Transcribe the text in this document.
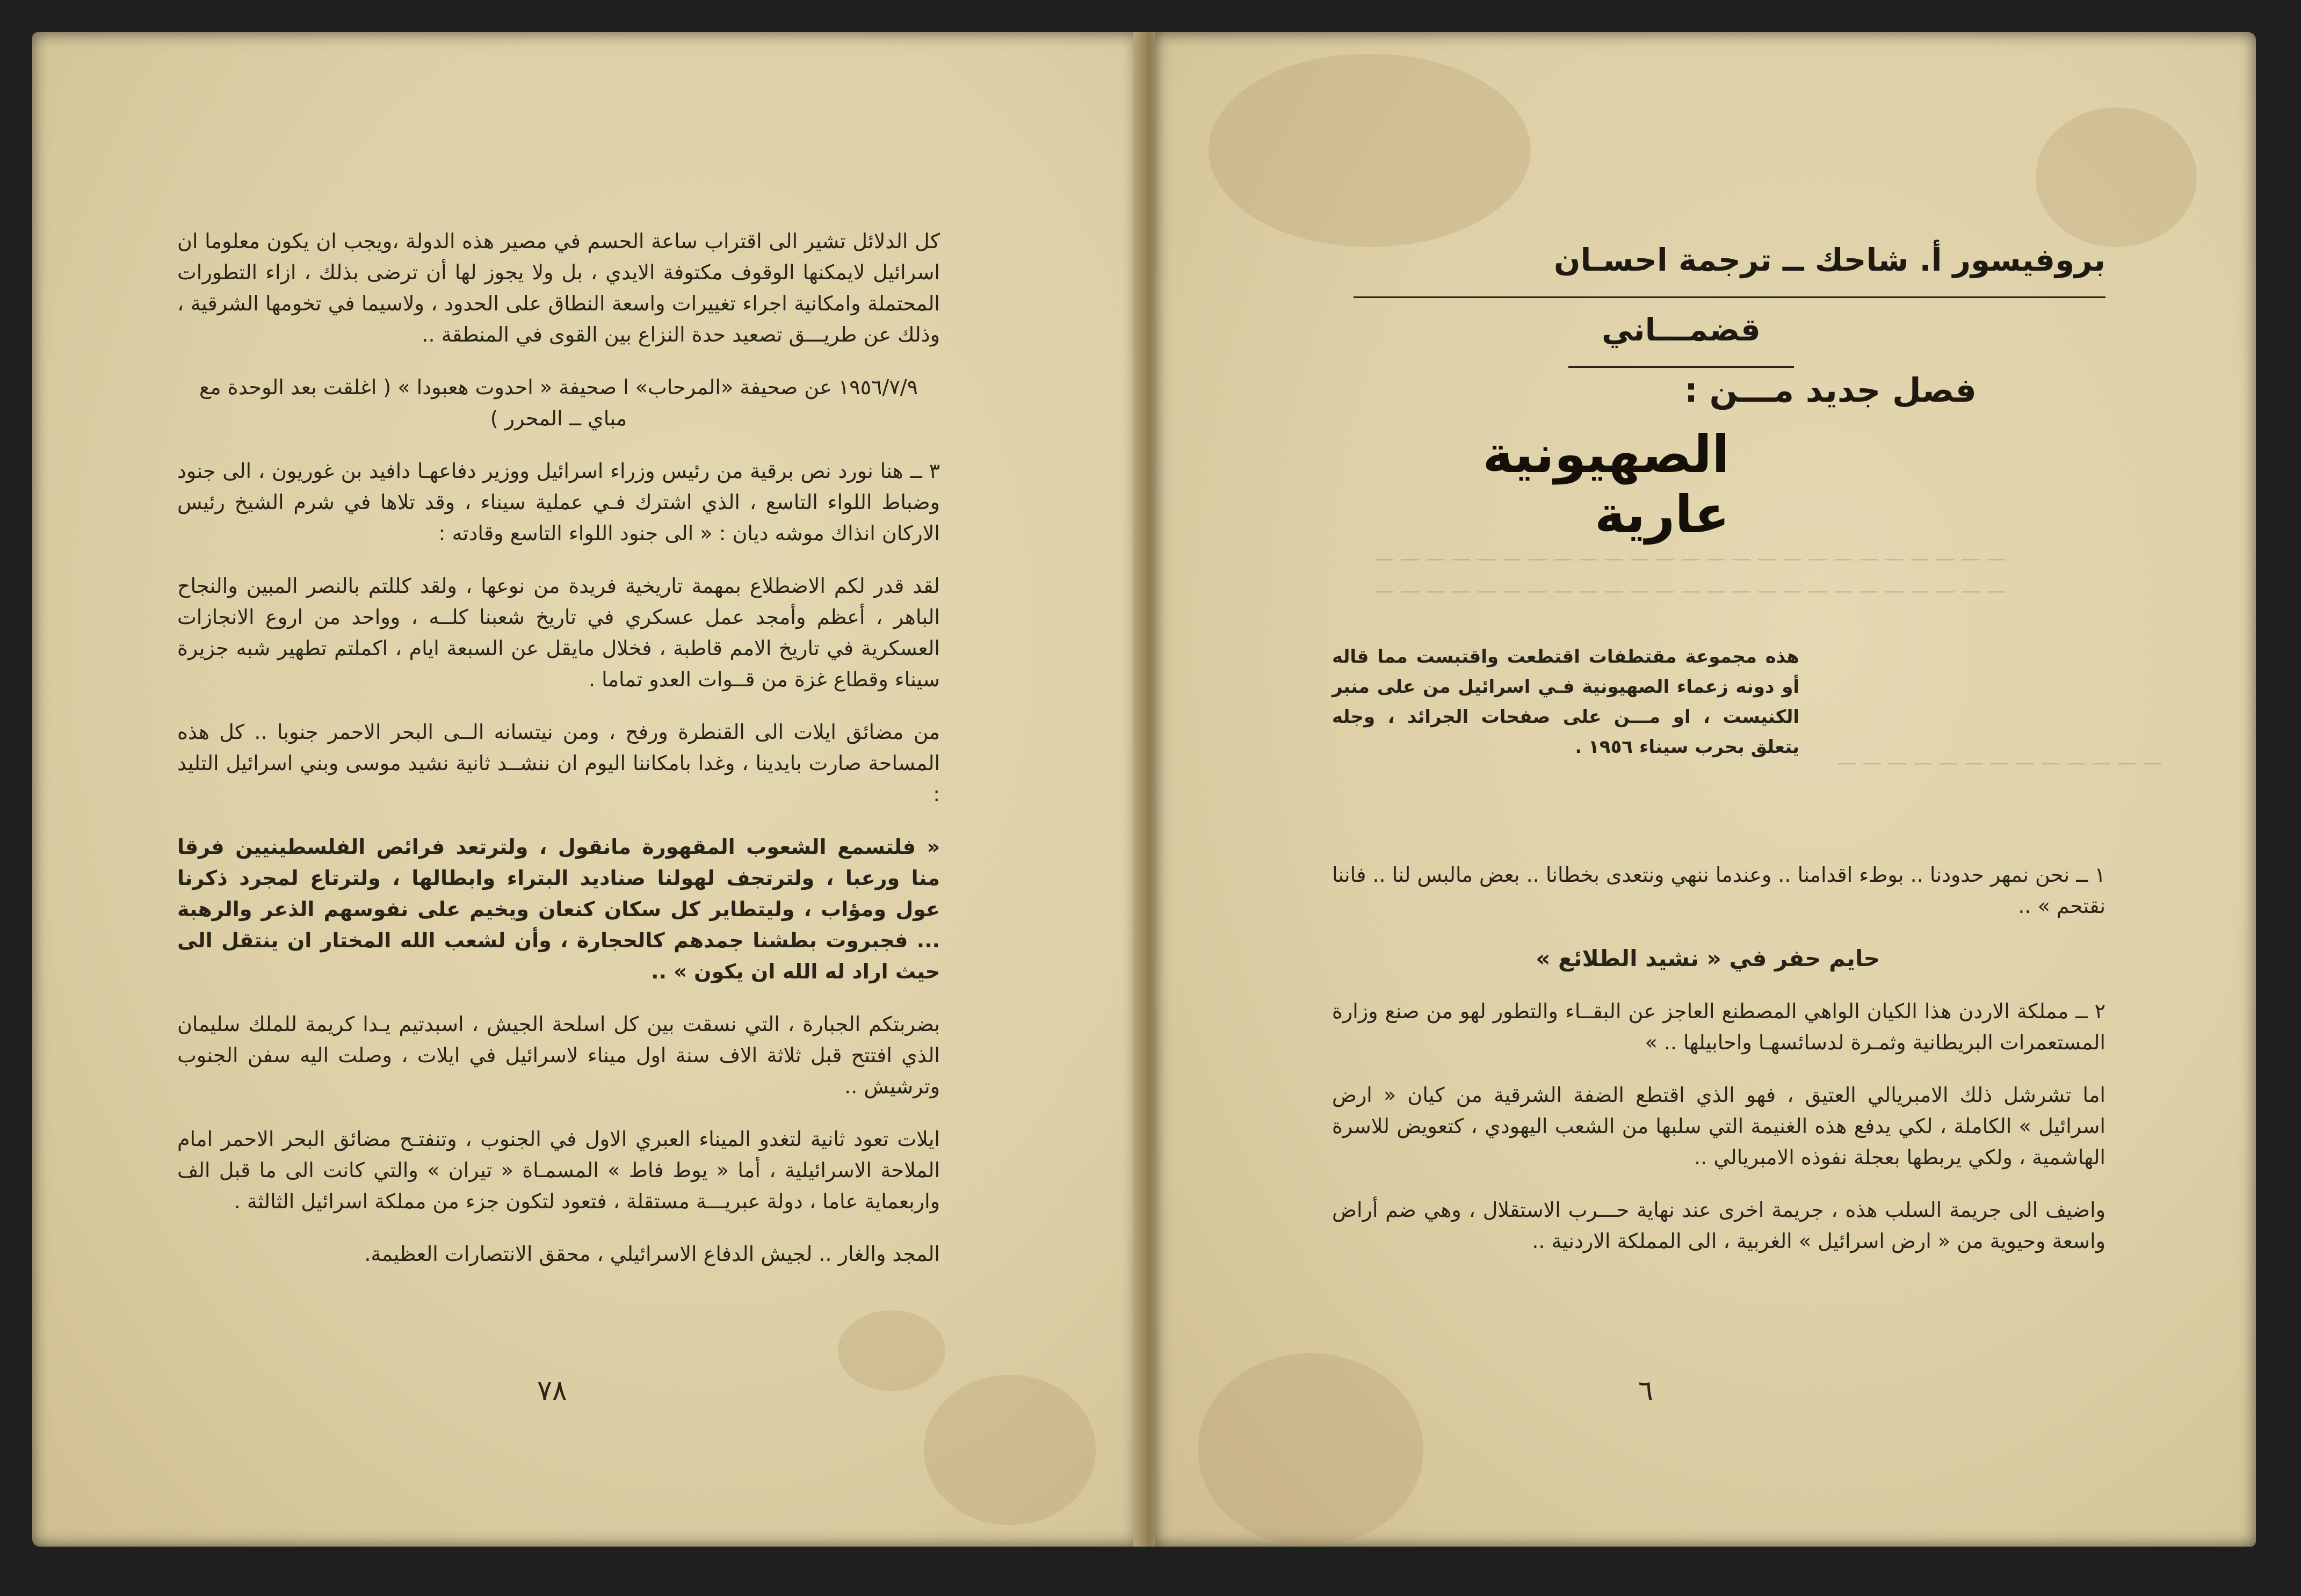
— — — — — — — — — — — — — — — — — — — — — — — — —
— — — — — — — — — — — — — — — — — — — — — — — — —
— — — — — — — — — — — — —

كل الدلائل تشير الى اقتراب ساعة الحسم في مصير هذه الدولة ،ويجب ان يكون معلوما ان اسرائيل لايمكنها الوقوف مكتوفة الايدي ، بل ولا يجوز لها أن ترضى بذلك ، ازاء التطورات المحتملة وامكانية اجراء تغييرات واسعة النطاق على الحدود ، ولاسيما في تخومها الشرقية ، وذلك عن طريـــق تصعيد حدة النزاع بين القوى في المنطقة ..

١٩٥٦/٧/٩ عن صحيفة «المرحاب» ا صحيفة « احدوت هعبودا » ( اغلقت بعد الوحدة مع مباي ــ المحرر )

٣ ــ هنا نورد نص برقية من رئيس وزراء اسرائيل ووزير دفاعهـا دافيد بن غوريون ، الى جنود وضباط اللواء التاسع ، الذي اشترك فـي عملية سيناء ، وقد تلاها في شرم الشيخ رئيس الاركان انذاك موشه ديان : « الى جنود اللواء التاسع وقادته :

لقد قدر لكم الاضطلاع بمهمة تاريخية فريدة من نوعها ، ولقد كللتم بالنصر المبين والنجاح الباهر ، أعظم وأمجد عمل عسكري في تاريخ شعبنا كلــه ، وواحد من اروع الانجازات العسكرية في تاريخ الامم قاطبة ، فخلال مايقل عن السبعة ايام ، اكملتم تطهير شبه جزيرة سيناء وقطاع غزة من قــوات العدو تماما .

من مضائق ايلات الى القنطرة ورفح ، ومن نيتسانه الــى البحر الاحمر جنوبا .. كل هذه المساحة صارت بايدينا ، وغدا بامكاننا اليوم ان ننشــد ثانية نشيد موسى وبني اسرائيل التليد :

« فلتسمع الشعوب المقهورة مانقول ، ولترتعد فرائص الفلسطينيين فرقا منا ورعبا ، ولترتجف لهولنا صناديد البتراء وابطالها ، ولترتاع لمجرد ذكرنا عول ومؤاب ، وليتطاير كل سكان كنعان ويخيم على نفوسهم الذعر والرهبة ... فجبروت بطشنا جمدهم كالحجارة ، وأن لشعب الله المختار ان ينتقل الى حيث اراد له الله ان يكون » ..

بضربتكم الجبارة ، التي نسقت بين كل اسلحة الجيش ، اسبدتيم يـدا كريمة للملك سليمان الذي افتتح قبل ثلاثة الاف سنة اول ميناء لاسرائيل في ايلات ، وصلت اليه سفن الجنوب وترشيش ..

ايلات تعود ثانية لتغدو الميناء العبري الاول في الجنوب ، وتنفتـح مضائق البحر الاحمر امام الملاحة الاسرائيلية ، أما « يوط فاط » المسمـاة « تيران » والتي كانت الى ما قبل الف واربعماية عاما ، دولة عبريـــة مستقلة ، فتعود لتكون جزء من مملكة اسرائيل الثالثة .

المجد والغار .. لجيش الدفاع الاسرائيلي ، محقق الانتصارات العظيمة.

٧٨
بروفيسور أ. شاحك ــ ترجمة احسـان
قضمـــاني
فصل جديد مـــن :
الصهيونية عارية
هذه مجموعة مقتطفات اقتطعت واقتبست مما قاله أو دونه زعماء الصهيونية فـي اسرائيل من على منبر الكنيست ، او مـــن على صفحات الجرائد ، وجله يتعلق بحرب سيناء ١٩٥٦ .

١ ــ نحن نمهر حدودنا .. بوطء اقدامنا .. وعندما ننهي ونتعدى بخطانا .. بعض مالبس لنا .. فاننا نقتحم » ..

حايم حفر في « نشيد الطلائع »

٢ ــ مملكة الاردن هذا الكيان الواهي المصطنع العاجز عن البقــاء والتطور لهو من صنع وزارة المستعمرات البريطانية وثمـرة لدسائسهـا واحابيلها .. »

اما تشرشل ذلك الامبريالي العتيق ، فهو الذي اقتطع الضفة الشرقية من كيان « ارض اسرائيل » الكاملة ، لكي يدفع هذه الغنيمة التي سلبها من الشعب اليهودي ، كتعويض للاسرة الهاشمية ، ولكي يربطها بعجلة نفوذه الامبريالي ..

واضيف الى جريمة السلب هذه ، جريمة اخرى عند نهاية حـــرب الاستقلال ، وهي ضم أراض واسعة وحيوية من « ارض اسرائيل » الغربية ، الى المملكة الاردنية ..

٦
